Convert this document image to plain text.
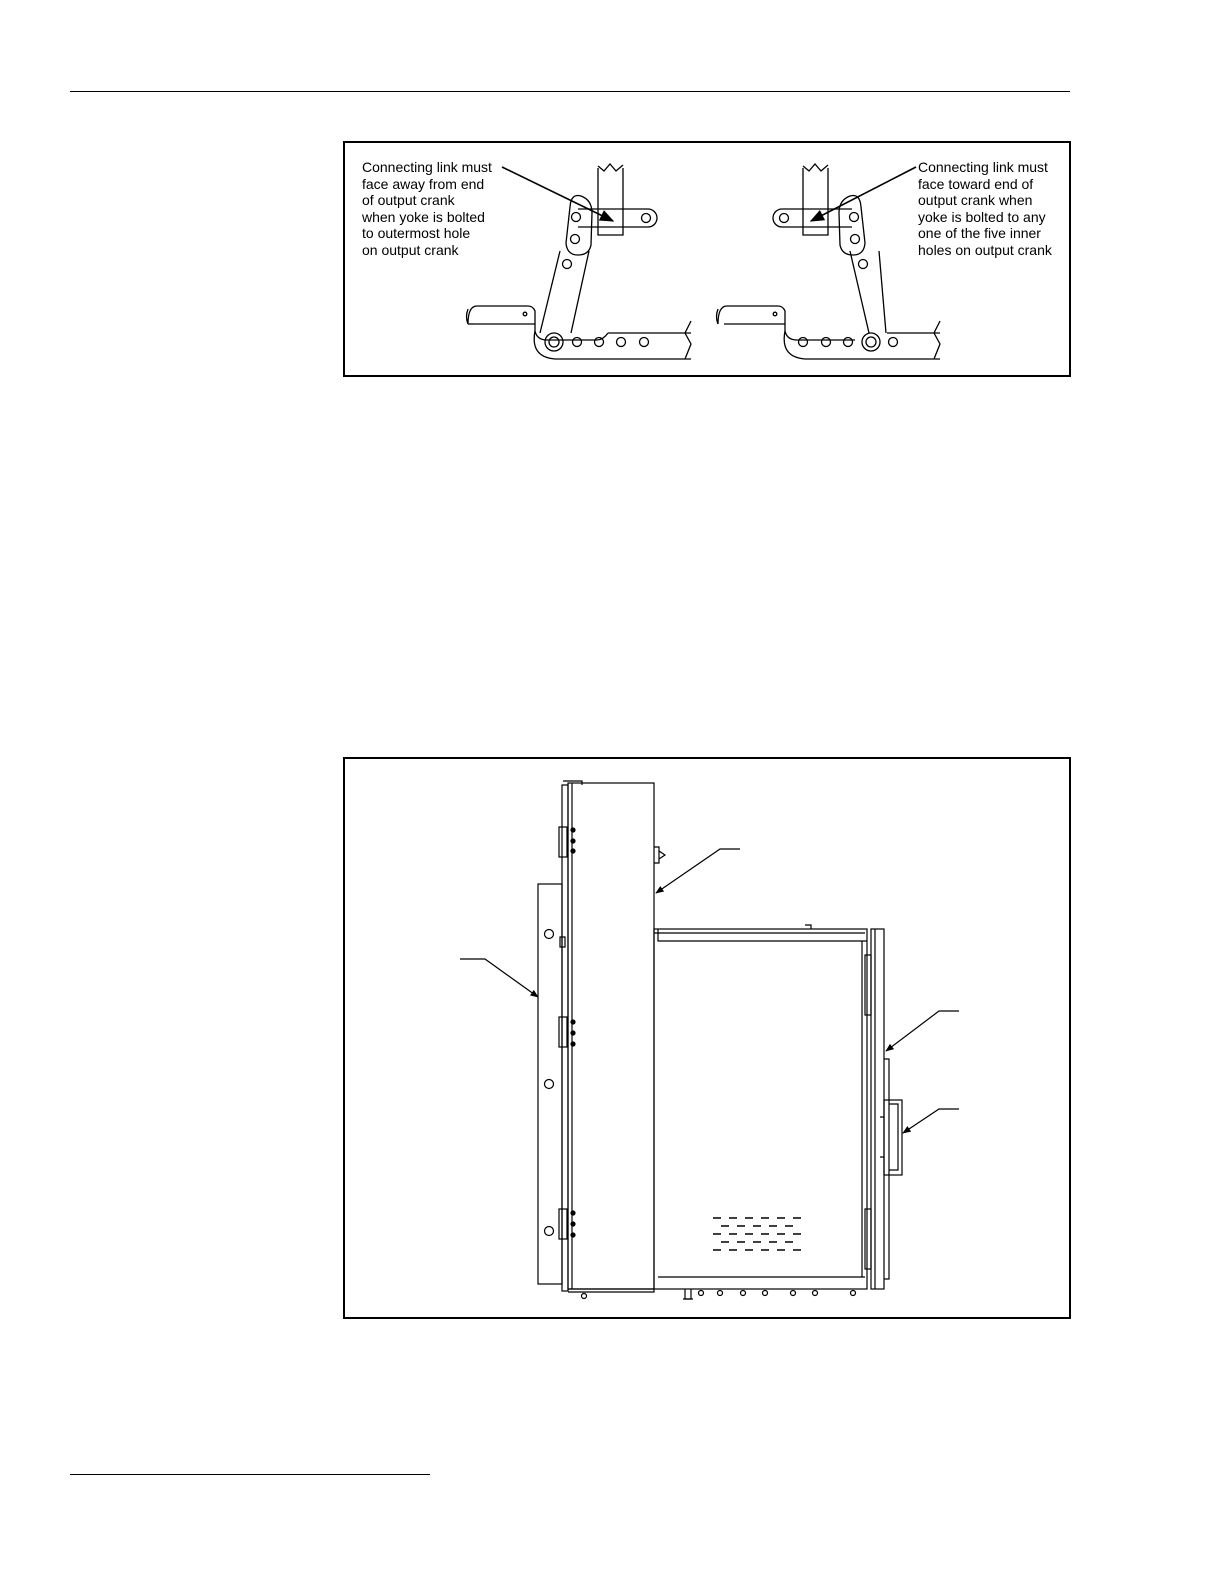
Connecting link must
face away from end
of output crank
when yoke is bolted
to outermost hole
on output crank
Connecting link must
face toward end of
output crank when
yoke is bolted to any
one of the five inner
holes on output crank
